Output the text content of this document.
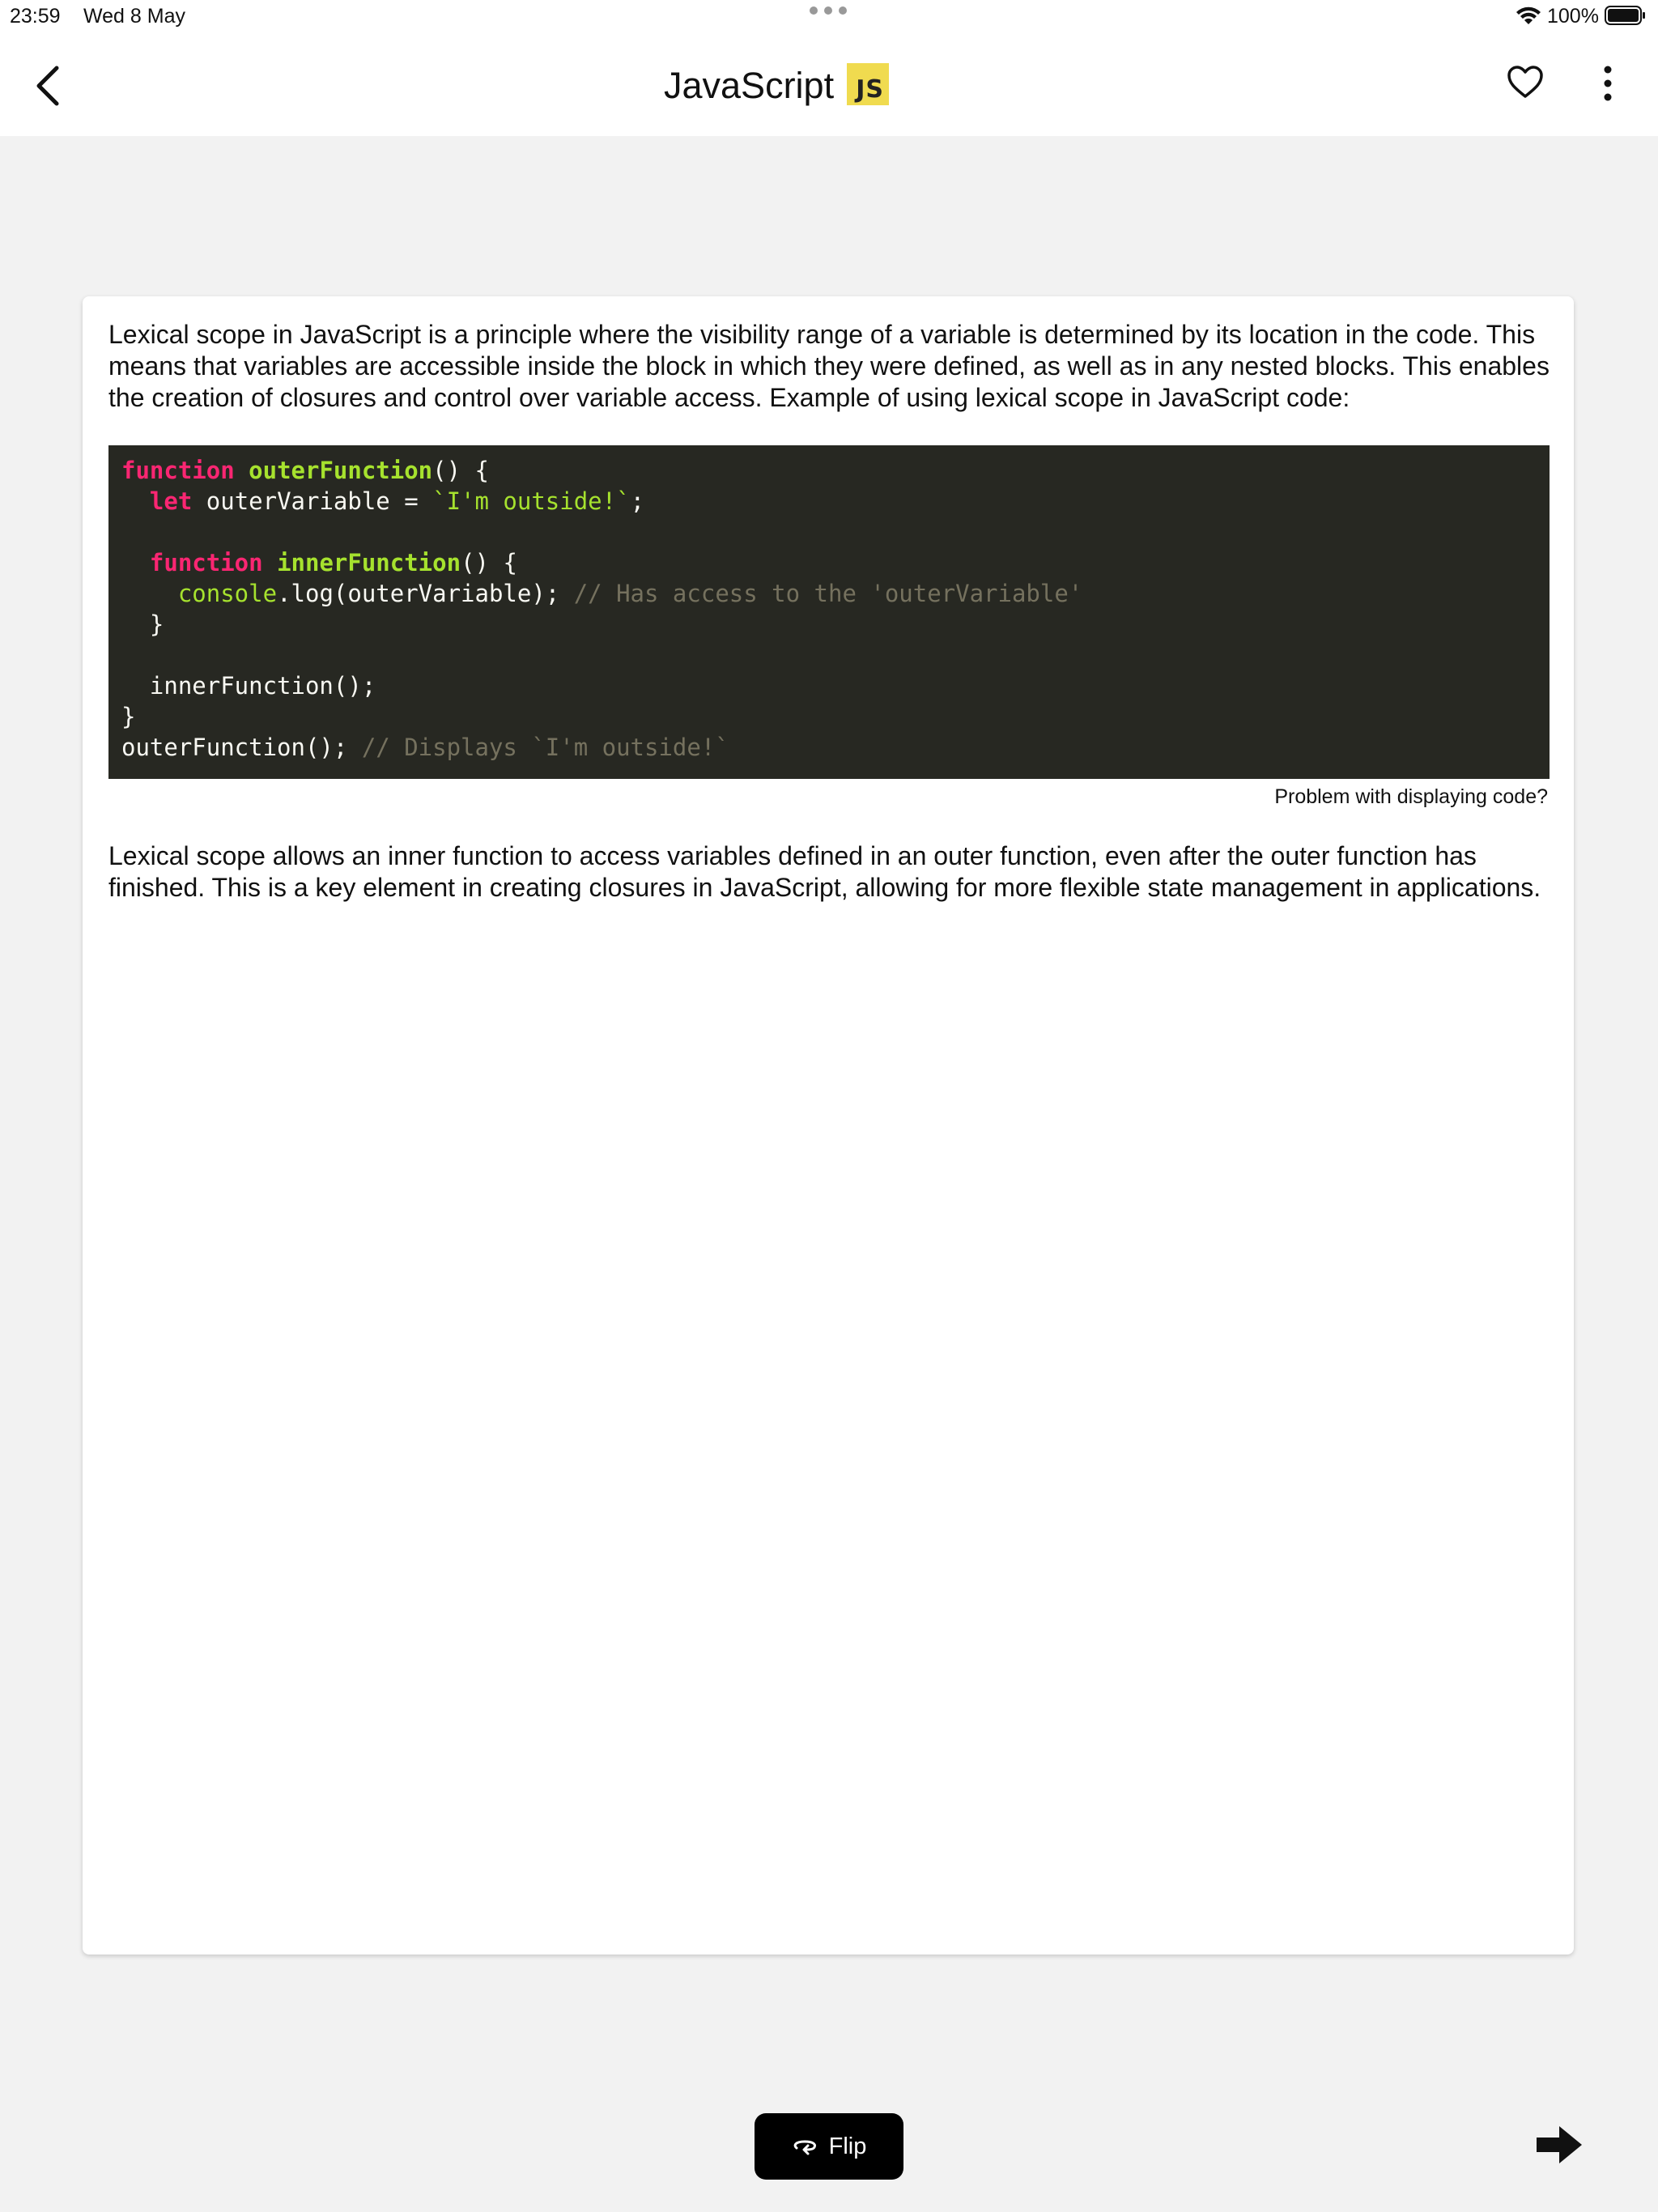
23:59 Wed 8 May	100%
JavaScript JS

Lexical scope in JavaScript is a principle where the visibility range of a variable is determined by its location in the code. This means that variables are accessible inside the block in which they were defined, as well as in any nested blocks. This enables the creation of closures and control over variable access. Example of using lexical scope in JavaScript code:

function outerFunction() {
let outerVariable = `I'm outside!`;
function innerFunction() {
console.log(outerVariable); // Has access to the 'outerVariable'
}
innerFunction();
}
outerFunction(); // Displays `I'm outside!`
Problem with displaying code?

Lexical scope allows an inner function to access variables defined in an outer function, even after the outer function has finished. This is a key element in creating closures in JavaScript, allowing for more flexible state management in applications.

Flip
